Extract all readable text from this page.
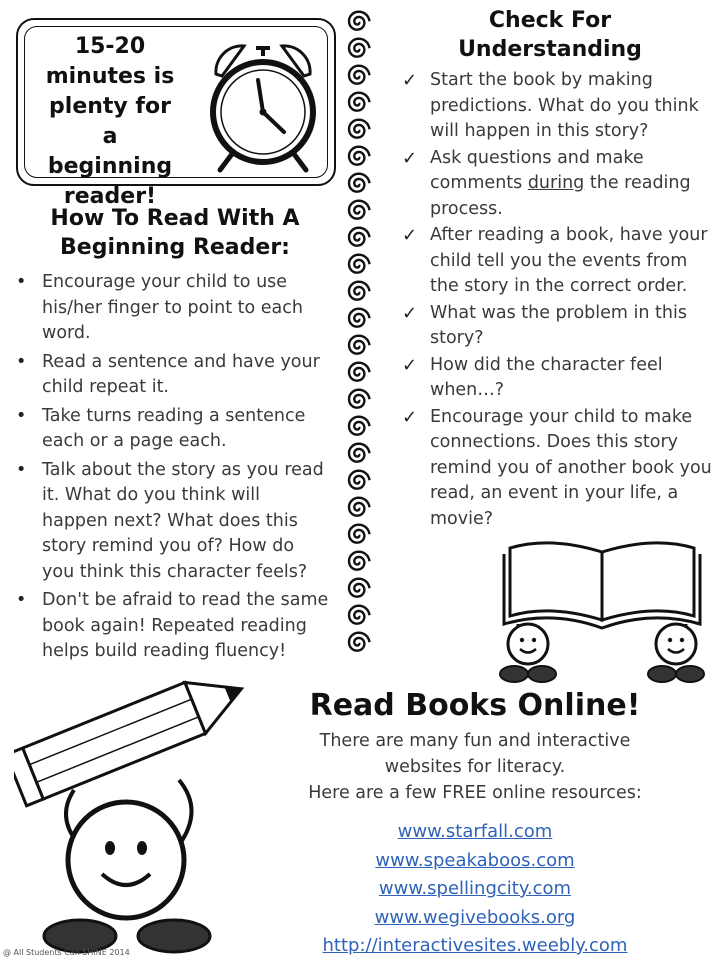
15-20
minutes is
plenty for
a beginning
reader!
How To Read With A
Beginning Reader:
• Encourage your child to use his/her finger to point to each word.
• Read a sentence and have your child repeat it.
• Take turns reading a sentence each or a page each.
• Talk about the story as you read it. What do you think will happen next? What does this story remind you of? How do you think this character feels?
• Don't be afraid to read the same book again! Repeated reading helps build reading fluency!
Check For
Understanding
✓ Start the book by making predictions. What do you think will happen in this story?
✓ Ask questions and make comments during the reading process.
✓ After reading a book, have your child tell you the events from the story in the correct order.
✓ What was the problem in this story?
✓ How did the character feel when…?
✓ Encourage your child to make connections. Does this story remind you of another book you read, an event in your life, a movie?
Read Books Online!
There are many fun and interactive
websites for literacy.
Here are a few FREE online resources:
www.starfall.com
www.speakaboos.com
www.spellingcity.com
www.wegivebooks.org
http://interactivesites.weebly.com
@ All Students Can SHINE 2014
